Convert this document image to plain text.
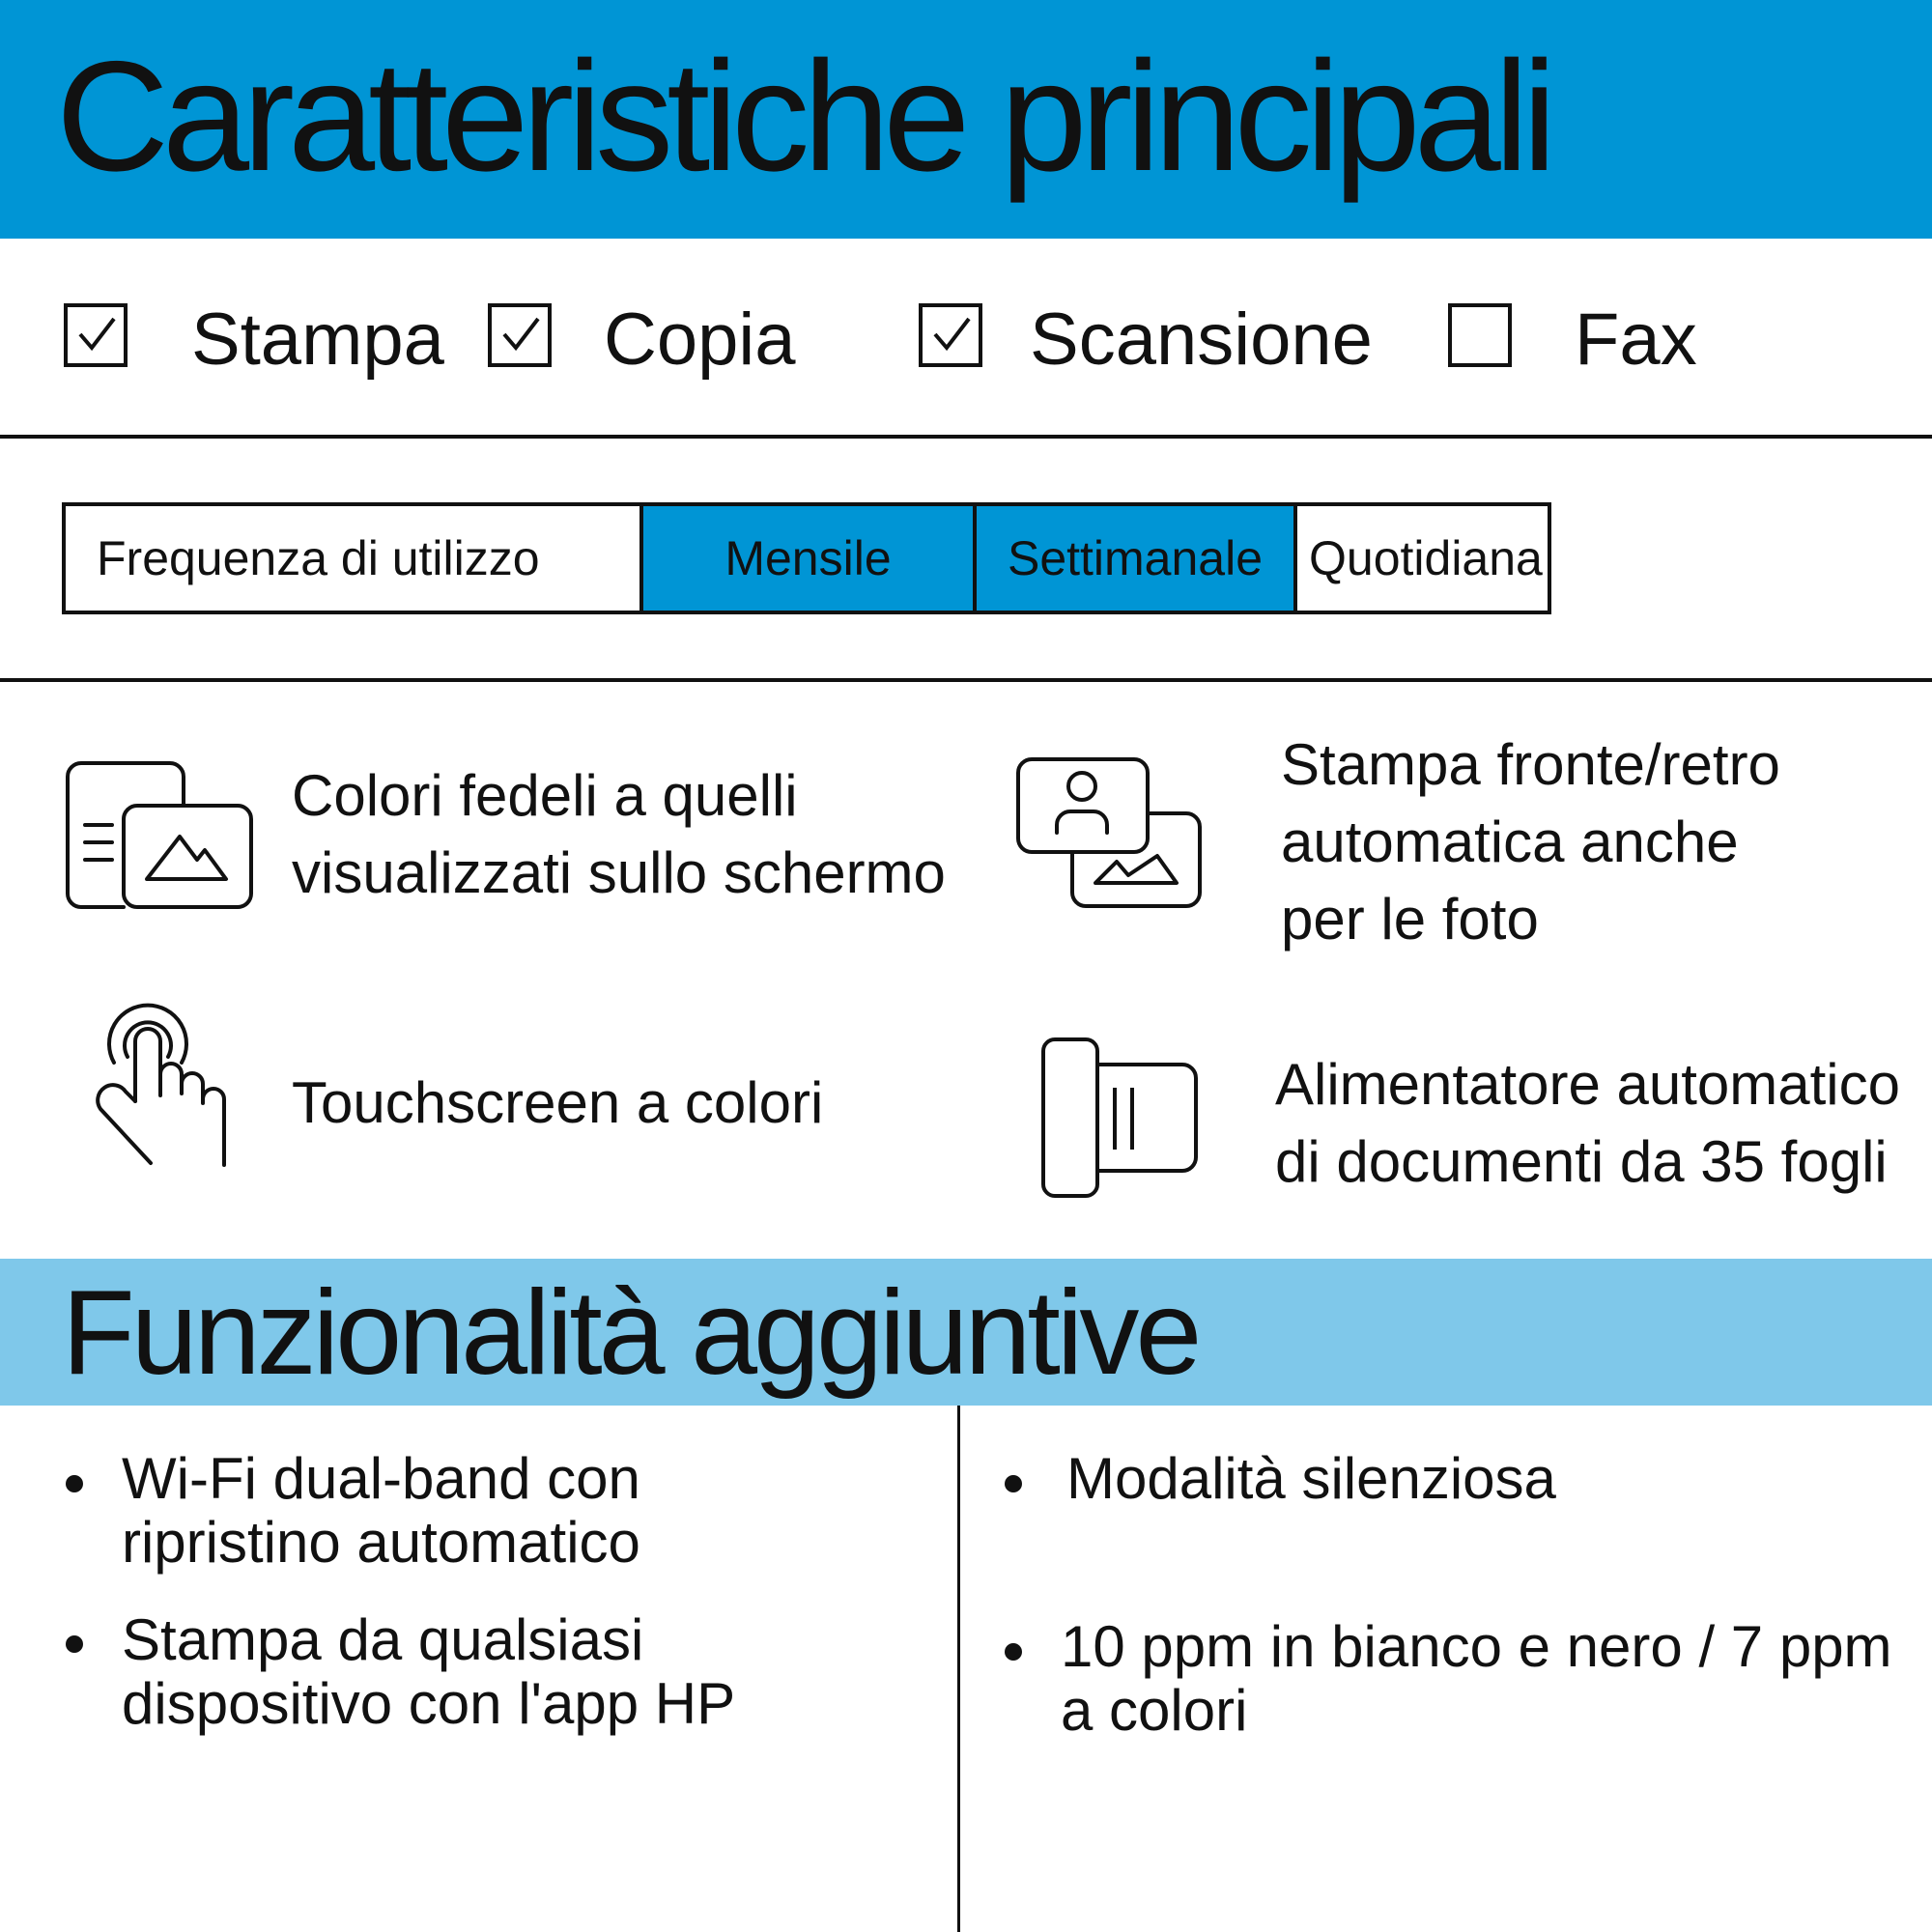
Caratteristiche principali
Stampa Copia	Scansione	Fax
Frequenza di utilizzo	Mensile	Settimanale Quotidiana
Colori fedeli a quelli
visualizzati sullo schermo
Stampa fronte/retro
automatica anche
per le foto
Touchscreen a colori	Alimentatore automatico
di documenti da 35 fogli
Funzionalità aggiuntive
Wi-Fi dual-band con
ripristino automatico
Stampa da qualsiasi
dispositivo con l'app HP
Modalità silenziosa
10 ppm in bianco e nero / 7 ppm
a colori
